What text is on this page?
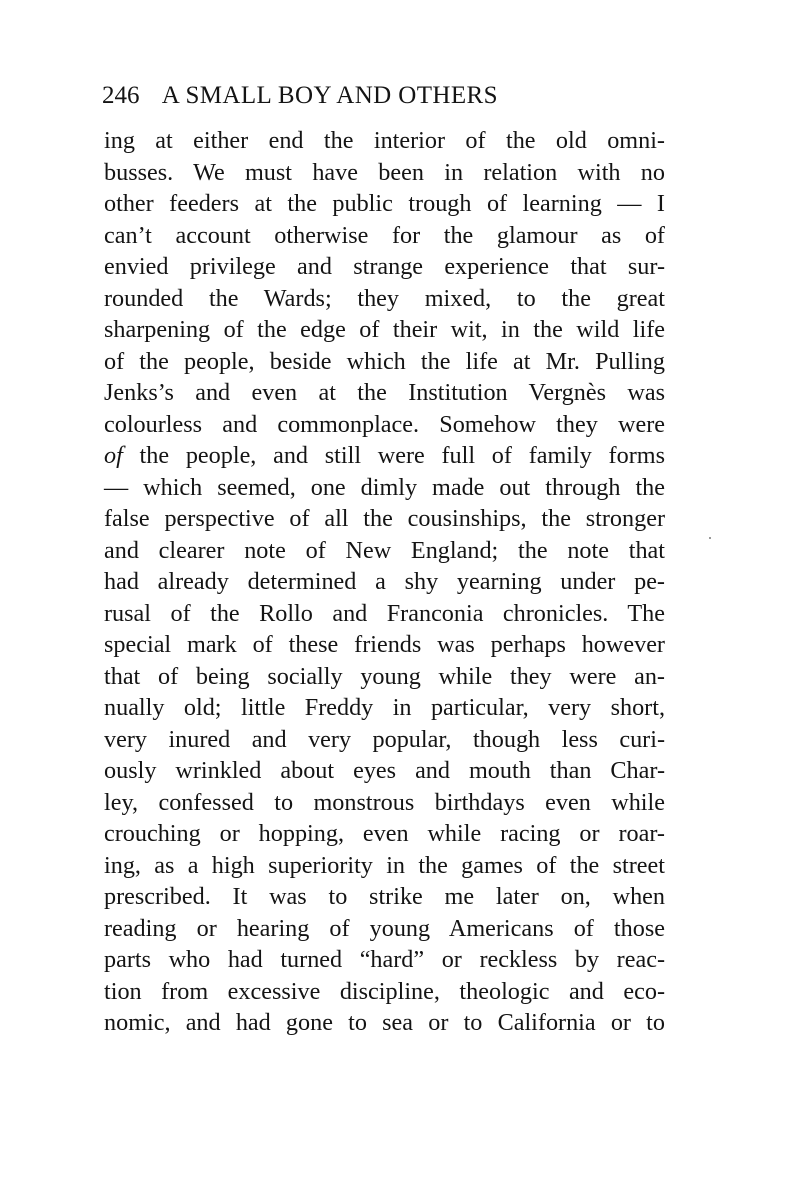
246 A SMALL BOY AND OTHERS
ing at either end the interior of the old omni-
busses. We must have been in relation with no
other feeders at the public trough of learning — I
can’t account otherwise for the glamour as of
envied privilege and strange experience that sur-
rounded the Wards; they mixed, to the great
sharpening of the edge of their wit, in the wild life
of the people, beside which the life at Mr. Pulling
Jenks’s and even at the Institution Vergnès was
colourless and commonplace. Somehow they were
of the people, and still were full of family forms
— which seemed, one dimly made out through the
false perspective of all the cousinships, the stronger
and clearer note of New England; the note that
had already determined a shy yearning under pe-
rusal of the Rollo and Franconia chronicles. The
special mark of these friends was perhaps however
that of being socially young while they were an-
nually old; little Freddy in particular, very short,
very inured and very popular, though less curi-
ously wrinkled about eyes and mouth than Char-
ley, confessed to monstrous birthdays even while
crouching or hopping, even while racing or roar-
ing, as a high superiority in the games of the street
prescribed. It was to strike me later on, when
reading or hearing of young Americans of those
parts who had turned “hard” or reckless by reac-
tion from excessive discipline, theologic and eco-
nomic, and had gone to sea or to California or to
